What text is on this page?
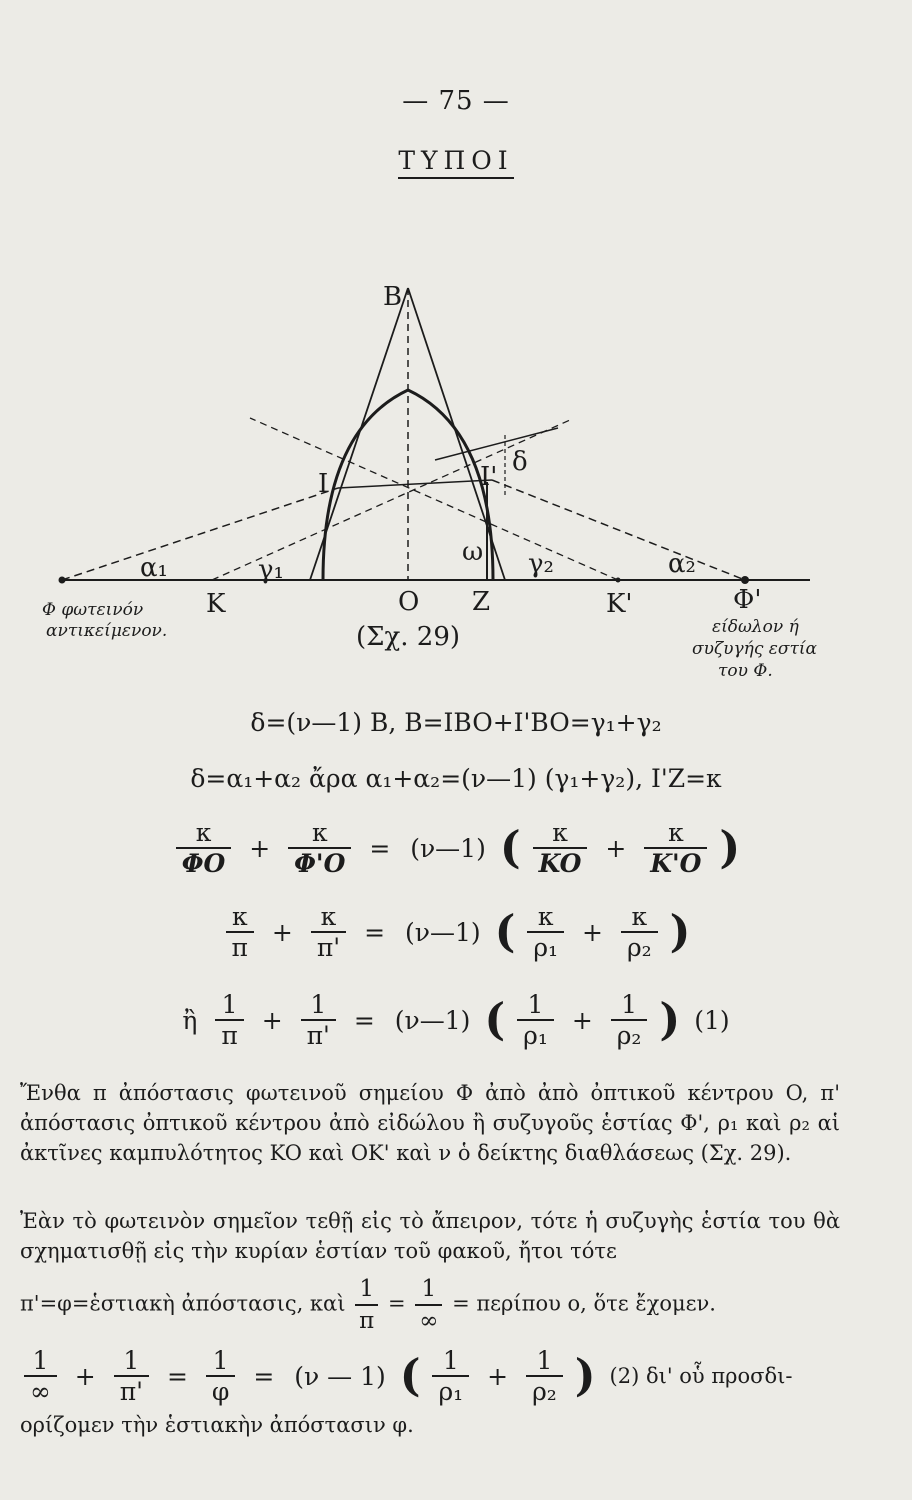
— 75 —
ΤΥΠΟΙ
B
I	I' δ
ω
α₁	α₂
γ₁	γ₂
K	O Z	K'	Φ'
(Σχ. 29)
Φ φωτεινόν
αντικείμενον.	είδωλον ή
συζυγής εστία
του Φ.
δ=(ν—1) B, B=IBO+I'BO=γ₁+γ₂
δ=α₁+α₂ ἄρα α₁+α₂=(ν—1) (γ₁+γ₂), I'Z=κ
$\frac{\kappa}{\Phi O} + \frac{\kappa}{\Phi'O}$ = (ν—1) ( $\frac{\kappa}{KO} + \frac{\kappa}{K'O}$ )
$\frac{\kappa}{\pi} + \frac{\kappa}{\pi'}$ = (ν—1) ( $\frac{\kappa}{\text{ρ₁}} + \frac{\kappa}{\text{ρ₂}}$ )
ἢ $\frac{1}{\pi} + \frac{1}{\pi'}$ = (ν—1) ( $\frac{1}{\text{ρ₁}} + \frac{1}{\text{ρ₂}}$ ) (1)

Ἔνθα π ἀπόστασις φωτεινοῦ σημείου Φ ἀπὸ ἀπὸ ὀπτικοῦ κέντρου O, π' ἀπόστασις ὀπτικοῦ κέντρου ἀπὸ εἰδώλου ἢ συζυγοῦς ἑστίας Φ', ρ₁ καὶ ρ₂ αἱ ἀκτῖνες καμπυλότητος KO καὶ OK' καὶ ν ὁ δείκτης διαθλάσεως (Σχ. 29).

Ἐὰν τὸ φωτεινὸν σημεῖον τεθῇ εἰς τὸ ἄπειρον, τότε ἡ συζυγὴς ἑστία του θὰ σχηματισθῇ εἰς τὴν κυρίαν ἑστίαν τοῦ φακοῦ, ἤτοι τότε

π'=φ=ἑστιακὴ ἀπόστασις, καὶ $\frac{1}{\pi} = \frac{1}{\infty} = \pi\varepsilon\rho ί\pi o\upsilon$ o, ὅτε ἔχομεν.

$\frac{1}{\infty} + \frac{1}{\pi'} = \frac{1}{\varphi} = (\nu$ — 1) ( $\frac{1}{\text{ρ₁}} + \frac{1}{\text{ρ₂}}$ ) (2) δι' οὗ προσδι-
ορίζομεν τὴν ἑστιακὴν ἀπόστασιν φ.
